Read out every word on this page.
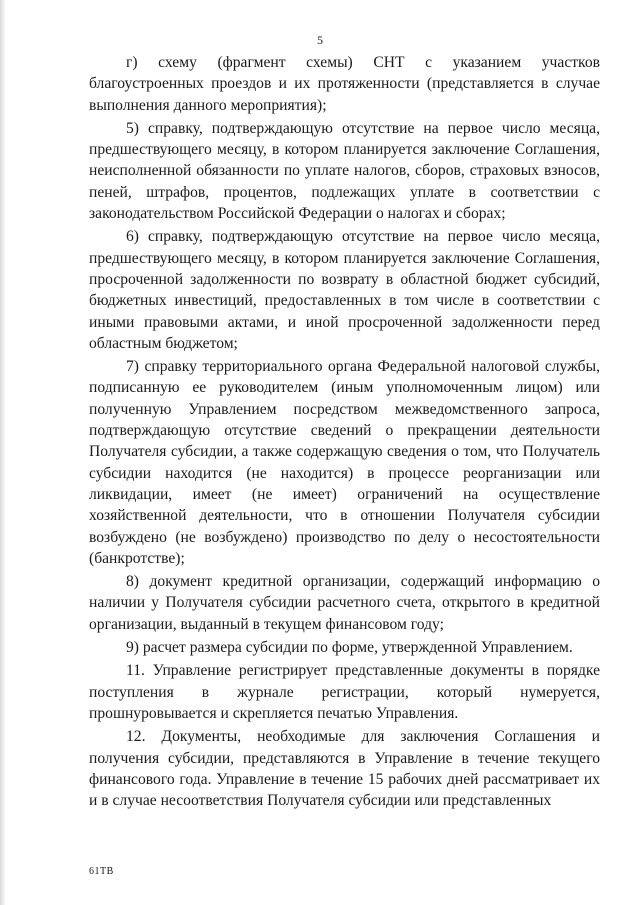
5

г) схему (фрагмент схемы) СНТ с указанием участков благоустроенных проездов и их протяженности (представляется в случае выполнения данного мероприятия);

5) справку, подтверждающую отсутствие на первое число месяца, предшествующего месяцу, в котором планируется заключение Соглашения, неисполненной обязанности по уплате налогов, сборов, страховых взносов, пеней, штрафов, процентов, подлежащих уплате в соответствии с законодательством Российской Федерации о налогах и сборах;

6) справку, подтверждающую отсутствие на первое число месяца, предшествующего месяцу, в котором планируется заключение Соглашения, просроченной задолженности по возврату в областной бюджет субсидий, бюджетных инвестиций, предоставленных в том числе в соответствии с иными правовыми актами, и иной просроченной задолженности перед областным бюджетом;

7) справку территориального органа Федеральной налоговой службы, подписанную ее руководителем (иным уполномоченным лицом) или полученную Управлением посредством межведомственного запроса, подтверждающую отсутствие сведений о прекращении деятельности Получателя субсидии, а также содержащую сведения о том, что Получатель субсидии находится (не находится) в процессе реорганизации или ликвидации, имеет (не имеет) ограничений на осуществление хозяйственной деятельности, что в отношении Получателя субсидии возбуждено (не возбуждено) производство по делу о несостоятельности (банкротстве);

8) документ кредитной организации, содержащий информацию о наличии у Получателя субсидии расчетного счета, открытого в кредитной организации, выданный в текущем финансовом году;

9) расчет размера субсидии по форме, утвержденной Управлением.

11. Управление регистрирует представленные документы в порядке поступления в журнале регистрации, который нумеруется, прошнуровывается и скрепляется печатью Управления.

12. Документы, необходимые для заключения Соглашения и получения субсидии, представляются в Управление в течение текущего финансового года. Управление в течение 15 рабочих дней рассматривает их и в случае несоответствия Получателя субсидии или представленных

61ТВ
